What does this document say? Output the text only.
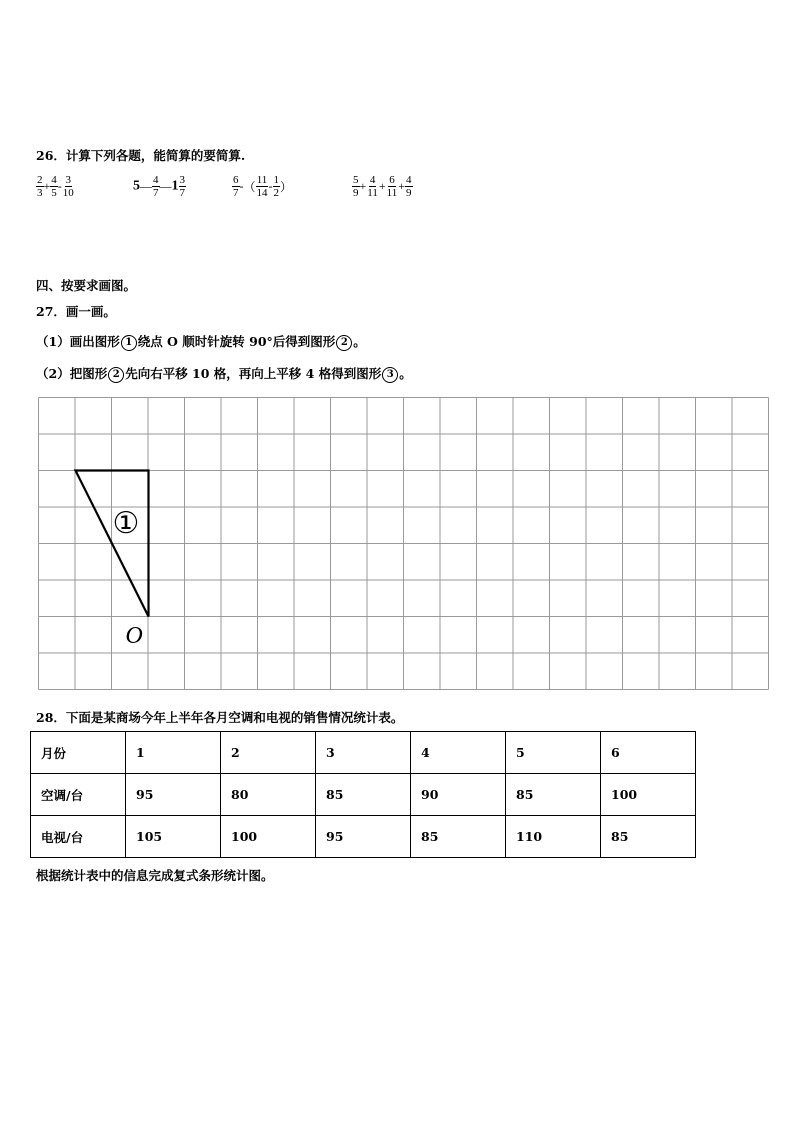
26．计算下列各题，能简算的要简算.
$\frac{2}{3} + \frac{4}{5} - \frac{3}{10}$	5— $\frac{4}{7}$ —1 $\frac{3}{7}$	$\frac{6}{7}$ -（ $\frac{11}{14} - \frac{1}{2}$ ）	$\frac{5}{9} + \frac{4}{11} + \frac{6}{11} + \frac{4}{9}$
四、按要求画图。
27．画一画。
（1）画出图形 1 绕点 O 顺时针旋转 90°后得到图形 2 。
（2）把图形 2 先向右平移 10 格，再向上平移 4 格得到图形 3 。
①
O
28．下面是某商场今年上半年各月空调和电视的销售情况统计表。
月份	1	2	3	4	5	6
空调/台	95	80	85	90	85	100
电视/台	105	100	95	85	110	85
根据统计表中的信息完成复式条形统计图。
